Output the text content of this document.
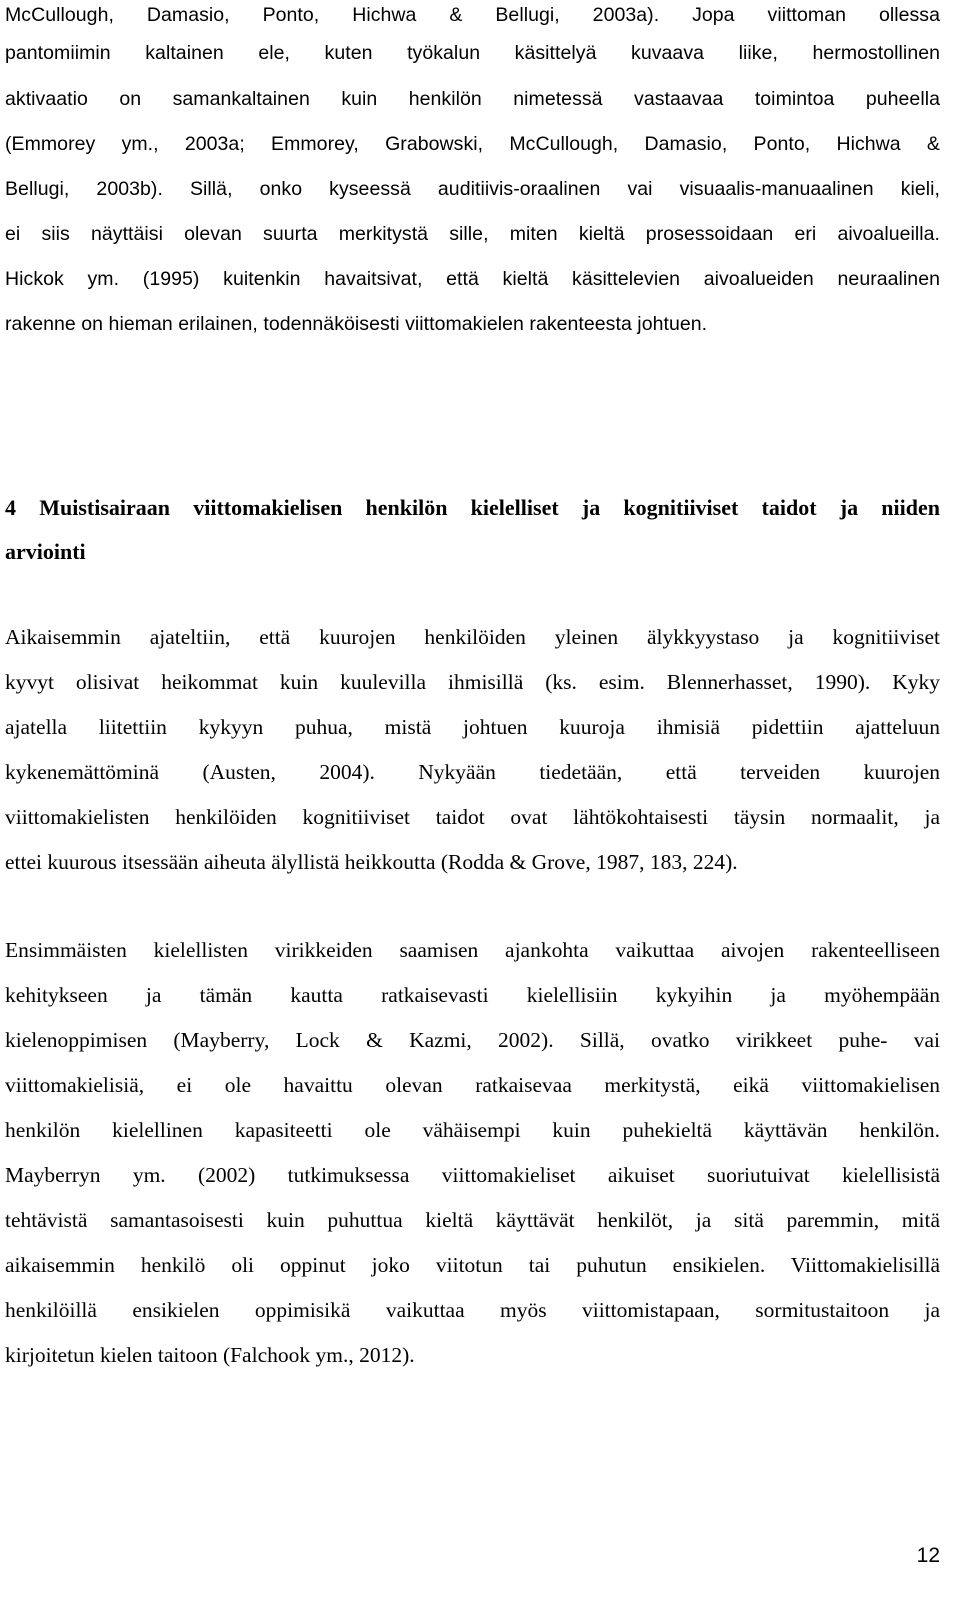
McCullough, Damasio, Ponto, Hichwa & Bellugi, 2003a). Jopa viittoman ollessa
pantomiimin kaltainen ele, kuten työkalun käsittelyä kuvaava liike, hermostollinen
aktivaatio on samankaltainen kuin henkilön nimetessä vastaavaa toimintoa puheella
(Emmorey ym., 2003a; Emmorey, Grabowski, McCullough, Damasio, Ponto, Hichwa &
Bellugi, 2003b). Sillä, onko kyseessä auditiivis-oraalinen vai visuaalis-manuaalinen kieli,
ei siis näyttäisi olevan suurta merkitystä sille, miten kieltä prosessoidaan eri aivoalueilla.
Hickok ym. (1995) kuitenkin havaitsivat, että kieltä käsittelevien aivoalueiden neuraalinen
rakenne on hieman erilainen, todennäköisesti viittomakielen rakenteesta johtuen.
4 Muistisairaan viittomakielisen henkilön kielelliset ja kognitiiviset taidot ja niiden
arviointi
Aikaisemmin ajateltiin, että kuurojen henkilöiden yleinen älykkyystaso ja kognitiiviset
kyvyt olisivat heikommat kuin kuulevilla ihmisillä (ks. esim. Blennerhasset, 1990). Kyky
ajatella liitettiin kykyyn puhua, mistä johtuen kuuroja ihmisiä pidettiin ajatteluun
kykenemättöminä (Austen, 2004). Nykyään tiedetään, että terveiden kuurojen
viittomakielisten henkilöiden kognitiiviset taidot ovat lähtökohtaisesti täysin normaalit, ja
ettei kuurous itsessään aiheuta älyllistä heikkoutta (Rodda & Grove, 1987, 183, 224).
Ensimmäisten kielellisten virikkeiden saamisen ajankohta vaikuttaa aivojen rakenteelliseen
kehitykseen ja tämän kautta ratkaisevasti kielellisiin kykyihin ja myöhempään
kielenoppimisen (Mayberry, Lock & Kazmi, 2002). Sillä, ovatko virikkeet puhe- vai
viittomakielisiä, ei ole havaittu olevan ratkaisevaa merkitystä, eikä viittomakielisen
henkilön kielellinen kapasiteetti ole vähäisempi kuin puhekieltä käyttävän henkilön.
Mayberryn ym. (2002) tutkimuksessa viittomakieliset aikuiset suoriutuivat kielellisistä
tehtävistä samantasoisesti kuin puhuttua kieltä käyttävät henkilöt, ja sitä paremmin, mitä
aikaisemmin henkilö oli oppinut joko viitotun tai puhutun ensikielen. Viittomakielisillä
henkilöillä ensikielen oppimisikä vaikuttaa myös viittomistapaan, sormitustaitoon ja
kirjoitetun kielen taitoon (Falchook ym., 2012).
12
